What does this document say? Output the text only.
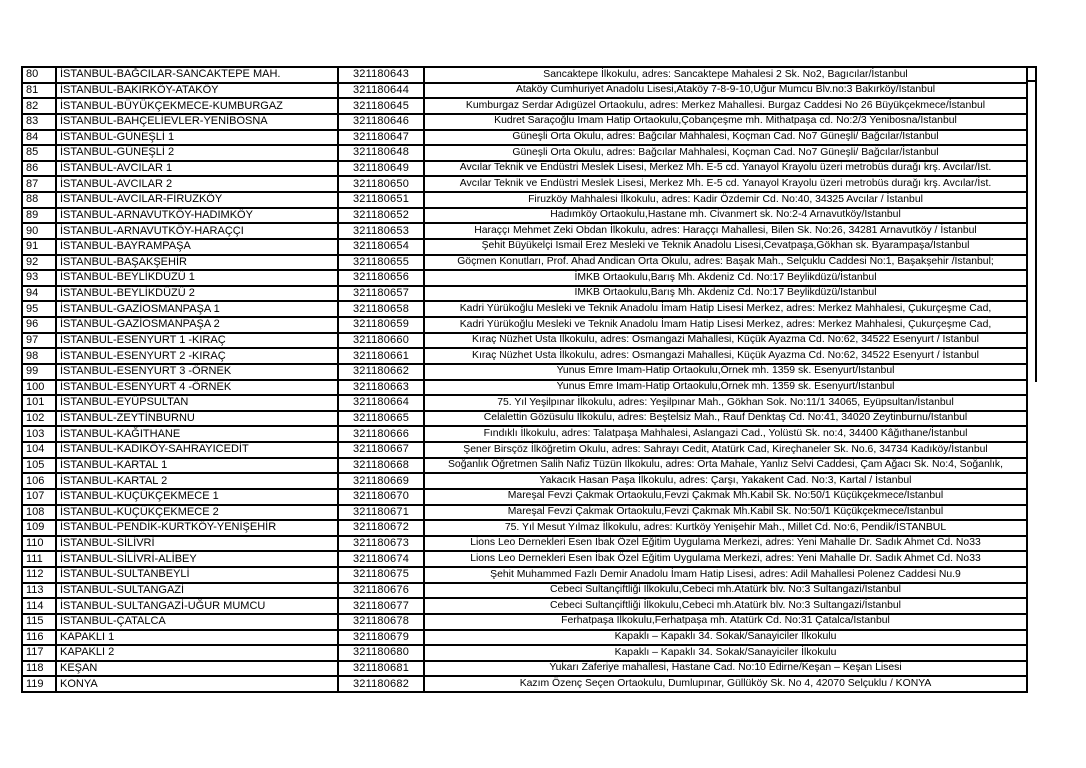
80	İSTANBUL-BAĞCILAR-SANCAKTEPE MAH.	321180643	Sancaktepe İlkokulu, adres: Sancaktepe Mahalesi 2 Sk. No2, Bagıcılar/İstanbul
81	İSTANBUL-BAKIRKÖY-ATAKÖY	321180644	Ataköy Cumhuriyet Anadolu Lisesi,Ataköy 7-8-9-10,Uğur Mumcu Blv.no:3 Bakırköy/İstanbul
82	İSTANBUL-BÜYÜKÇEKMECE-KUMBURGAZ	321180645	Kumburgaz Serdar Adıgüzel Ortaokulu, adres: Merkez Mahallesi. Burgaz Caddesi No 26 Büyükçekmece/İstanbul
83	İSTANBUL-BAHÇELİEVLER-YENİBOSNA	321180646	Kudret Saraçoğlu İmam Hatip Ortaokulu,Çobançeşme mh. Mithatpaşa cd. No:2/3 Yenibosna/İstanbul
84	İSTANBUL-GÜNEŞLİ 1	321180647	Güneşli Orta Okulu, adres: Bağcılar Mahhalesi, Koçman Cad. No7 Güneşli/ Bağcılar/İstanbul
85	İSTANBUL-GÜNEŞLİ 2	321180648	Güneşli Orta Okulu, adres: Bağcılar Mahhalesi, Koçman Cad. No7 Güneşli/ Bağcılar/İstanbul
86	İSTANBUL-AVCILAR 1	321180649	Avcılar Teknik ve Endüstri Meslek Lisesi, Merkez Mh. E-5 cd. Yanayol Krayolu üzeri metrobüs durağı krş. Avcılar/İst.
87	İSTANBUL-AVCILAR 2	321180650	Avcılar Teknik ve Endüstri Meslek Lisesi, Merkez Mh. E-5 cd. Yanayol Krayolu üzeri metrobüs durağı krş. Avcılar/İst.
88	İSTANBUL-AVCILAR-FİRUZKÖY	321180651	Firuzköy Mahhalesi İlkokulu, adres: Kadir Özdemir Cd. No:40, 34325 Avcılar / İstanbul
89	İSTANBUL-ARNAVUTKÖY-HADIMKÖY	321180652	Hadımköy Ortaokulu,Hastane mh. Civanmert sk. No:2-4 Arnavutköy/İstanbul
90	İSTANBUL-ARNAVUTKÖY-HARAÇÇI	321180653	Haraççı Mehmet Zeki Obdan İlkokulu, adres: Haraççı Mahallesi, Bilen Sk. No:26, 34281 Arnavutköy / İstanbul
91	İSTANBUL-BAYRAMPAŞA	321180654	Şehit Büyükelçi İsmail Erez Mesleki ve Teknik Anadolu Lisesi,Cevatpaşa,Gökhan sk. Byarampaşa/İstanbul
92	İSTANBUL-BAŞAKŞEHİR	321180655	Göçmen Konutları, Prof. Ahad Andican Orta Okulu, adres: Başak Mah., Selçuklu Caddesi No:1, Başakşehir /İstanbul;
93	İSTANBUL-BEYLİKDÜZÜ 1	321180656	İMKB Ortaokulu,Barış Mh. Akdeniz Cd. No:17 Beylikdüzü/İstanbul
94	İSTANBUL-BEYLİKDÜZÜ 2	321180657	İMKB Ortaokulu,Barış Mh. Akdeniz Cd. No:17 Beylikdüzü/İstanbul
95	İSTANBUL-GAZİOSMANPAŞA 1	321180658	Kadri Yürükoğlu Mesleki ve Teknik Anadolu İmam Hatip Lisesi Merkez, adres: Merkez Mahhalesi, Çukurçeşme Cad,
96	İSTANBUL-GAZİOSMANPAŞA 2	321180659	Kadri Yürükoğlu Mesleki ve Teknik Anadolu İmam Hatip Lisesi Merkez, adres: Merkez Mahhalesi, Çukurçeşme Cad,
97	İSTANBUL-ESENYURT 1 -KIRAÇ	321180660	Kıraç Nüzhet Usta İlkokulu, adres: Osmangazi Mahallesi, Küçük Ayazma Cd. No:62, 34522 Esenyurt / İstanbul
98	İSTANBUL-ESENYURT 2 -KIRAÇ	321180661	Kıraç Nüzhet Usta İlkokulu, adres: Osmangazi Mahallesi, Küçük Ayazma Cd. No:62, 34522 Esenyurt / İstanbul
99	İSTANBUL-ESENYURT 3 -ÖRNEK	321180662	Yunus Emre İmam-Hatip Ortaokulu,Örnek mh. 1359 sk. Esenyurt/İstanbul
100	İSTANBUL-ESENYURT 4 -ÖRNEK	321180663	Yunus Emre İmam-Hatip Ortaokulu,Örnek mh. 1359 sk. Esenyurt/İstanbul
101	İSTANBUL-EYÜPSULTAN	321180664	75. Yıl Yeşilpınar İlkokulu, adres: Yeşilpınar Mah., Gökhan Sok. No:11/1 34065, Eyüpsultan/İstanbul
102	İSTANBUL-ZEYTİNBURNU	321180665	Celalettin Gözüsulu İlkokulu, adres: Beştelsiz Mah., Rauf Denktaş Cd. No:41, 34020 Zeytinburnu/İstanbul
103	İSTANBUL-KAĞITHANE	321180666	Fındıklı İlkokulu, adres: Talatpaşa Mahhalesi, Aslangazi Cad., Yolüstü Sk. no:4, 34400 Kâğıthane/İstanbul
104	İSTANBUL-KADIKÖY-SAHRAYICEDİT	321180667	Şener Birsçöz İlköğretim Okulu, adres: Sahrayı Cedit, Atatürk Cad, Kireçhaneler Sk. No.6, 34734 Kadıköy/İstanbul
105	İSTANBUL-KARTAL 1	321180668	Soğanlık Öğretmen Salih Nafiz Tüzün İlkokulu, adres: Orta Mahale, Yanlız Selvi Caddesi, Çam Ağacı Sk. No:4, Soğanlık,
106	İSTANBUL-KARTAL 2	321180669	Yakacık Hasan Paşa İlkokulu, adres: Çarşı, Yakakent Cad. No:3, Kartal / İstanbul
107	İSTANBUL-KÜÇÜKÇEKMECE 1	321180670	Mareşal Fevzi Çakmak Ortaokulu,Fevzi Çakmak Mh.Kabil Sk. No:50/1 Küçükçekmece/İstanbul
108	İSTANBUL-KÜÇÜKÇEKMECE 2	321180671	Mareşal Fevzi Çakmak Ortaokulu,Fevzi Çakmak Mh.Kabil Sk. No:50/1 Küçükçekmece/İstanbul
109	İSTANBUL-PENDİK-KURTKÖY-YENİŞEHİR	321180672	75. Yıl Mesut Yılmaz İlkokulu, adres: Kurtköy Yenişehir Mah., Millet Cd. No:6, Pendik/İSTANBUL
110	İSTANBUL-SİLİVRİ	321180673	Lions Leo Dernekleri Esen İbak Özel Eğitim Uygulama Merkezi, adres: Yeni Mahalle Dr. Sadık Ahmet Cd. No33
111	İSTANBUL-SİLİVRİ-ALİBEY	321180674	Lions Leo Dernekleri Esen İbak Özel Eğitim Uygulama Merkezi, adres: Yeni Mahalle Dr. Sadık Ahmet Cd. No33
112	İSTANBUL-SULTANBEYLİ	321180675	Şehit Muhammed Fazlı Demir Anadolu İmam Hatip Lisesi, adres: Adil Mahallesi Polenez Caddesi Nu.9
113	İSTANBUL-SULTANGAZİ	321180676	Cebeci Sultançiftliği İlkokulu,Cebeci mh.Atatürk blv. No:3 Sultangazi/İstanbul
114	İSTANBUL-SULTANGAZİ-UĞUR MUMCU	321180677	Cebeci Sultançiftliği İlkokulu,Cebeci mh.Atatürk blv. No:3 Sultangazi/İstanbul
115	İSTANBUL-ÇATALCA	321180678	Ferhatpaşa İlkokulu,Ferhatpaşa mh. Atatürk Cd. No:31 Çatalca/İstanbul
116	KAPAKLI 1	321180679	Kapaklı – Kapaklı 34. Sokak/Sanayiciler İlkokulu
117	KAPAKLI 2	321180680	Kapaklı – Kapaklı 34. Sokak/Sanayiciler İlkokulu
118	KEŞAN	321180681	Yukarı Zaferiye mahallesi, Hastane Cad. No:10 Edirne/Keşan – Keşan Lisesi
119	KONYA	321180682	Kazım Özenç Seçen Ortaokulu, Dumlupınar, Güllüköy Sk. No 4, 42070 Selçuklu / KONYA
